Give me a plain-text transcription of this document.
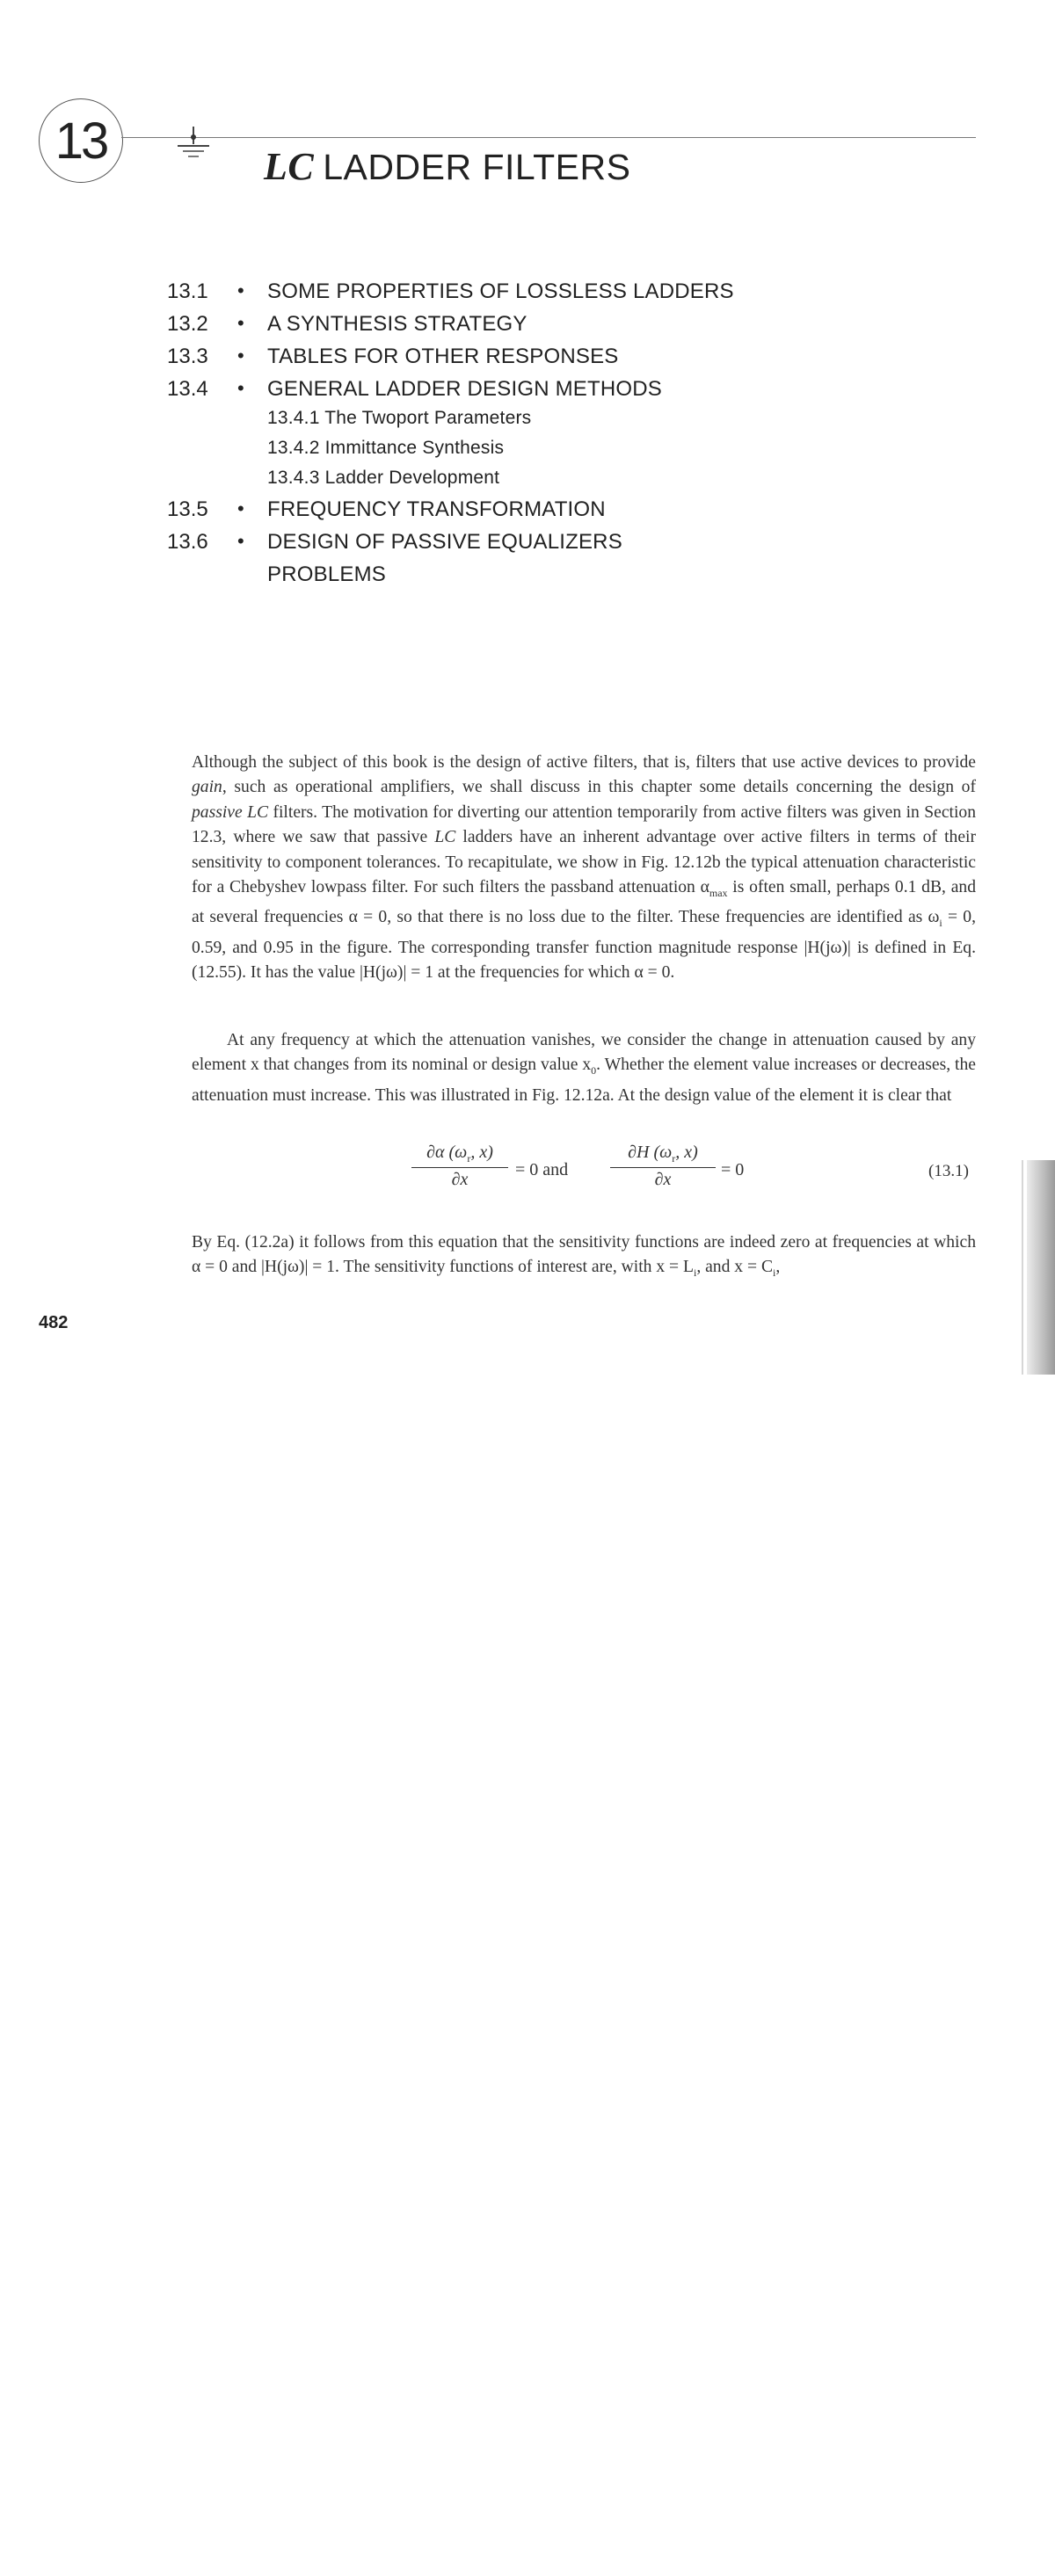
13	LC LADDER FILTERS
13.1 • SOME PROPERTIES OF LOSSLESS LADDERS
13.2 • A SYNTHESIS STRATEGY
13.3 • TABLES FOR OTHER RESPONSES
13.4 • GENERAL LADDER DESIGN METHODS
13.4.1 The Twoport Parameters
13.4.2 Immittance Synthesis
13.4.3 Ladder Development
13.5 • FREQUENCY TRANSFORMATION
13.6 • DESIGN OF PASSIVE EQUALIZERS
PROBLEMS
Although the subject of this book is the design of active filters, that is, filters that use active devices to provide gain, such as operational amplifiers, we shall discuss in this chapter some details concerning the design of passive LC filters. The motivation for diverting our attention temporarily from active filters was given in Section 12.3, where we saw that passive LC ladders have an inherent advantage over active filters in terms of their sensitivity to component tolerances. To recapitulate, we show in Fig. 12.12b the typical attenuation characteristic for a Chebyshev lowpass filter. For such filters the passband attenuation $\alpha_{max}$ is often small, perhaps 0.1 dB, and at several frequencies α = 0, so that there is no loss due to the filter. These frequencies are identified as $\omega_i = 0$, 0.59, and 0.95 in the figure. The corresponding transfer function magnitude response |H(jω)| is defined in Eq. (12.55). It has the value |H(jω)| = 1 at the frequencies for which α = 0.
At any frequency at which the attenuation vanishes, we consider the change in attenuation caused by any element x that changes from its nominal or design value $x_0$. Whether the element value increases or decreases, the attenuation must increase. This was illustrated in Fig. 12.12a. At the design value of the element it is clear that
∂α ($\omega_r$, x)
∂x	= 0 and
∂H ($\omega_r$, x)
∂x	= 0	(13.1)
By Eq. (12.2a) it follows from this equation that the sensitivity functions are indeed zero at frequencies at which α = 0 and |H(jω)| = 1. The sensitivity functions of interest are, with $x = L_i$, and $x = C_i$,
482
